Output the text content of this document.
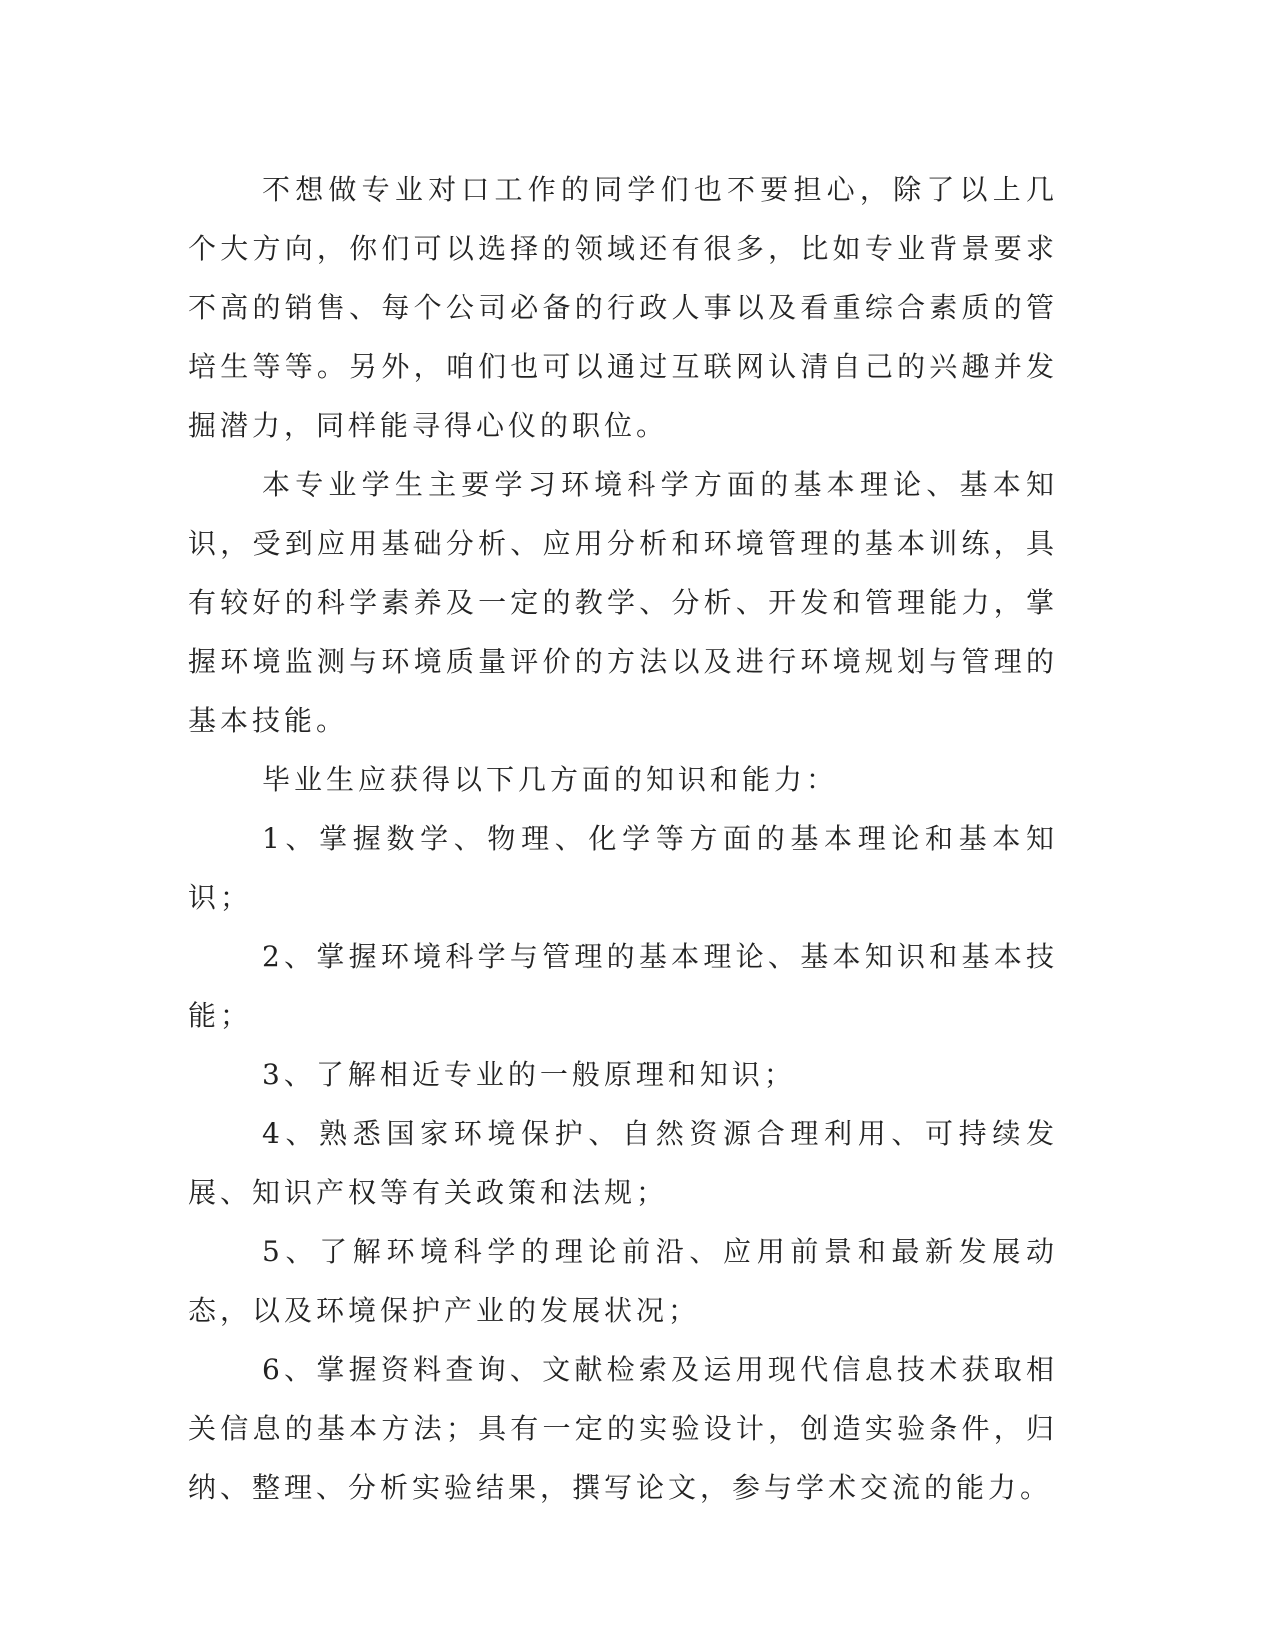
不想做专业对口工作的同学们也不要担心，除了以上几个大方向，你们可以选择的领域还有很多，比如专业背景要求不高的销售、每个公司必备的行政人事以及看重综合素质的管培生等等。另外，咱们也可以通过互联网认清自己的兴趣并发掘潜力，同样能寻得心仪的职位。

本专业学生主要学习环境科学方面的基本理论、基本知识，受到应用基础分析、应用分析和环境管理的基本训练，具有较好的科学素养及一定的教学、分析、开发和管理能力，掌握环境监测与环境质量评价的方法以及进行环境规划与管理的基本技能。

毕业生应获得以下几方面的知识和能力：

1、掌握数学、物理、化学等方面的基本理论和基本知识；

2、掌握环境科学与管理的基本理论、基本知识和基本技能；

3、了解相近专业的一般原理和知识；

4、熟悉国家环境保护、自然资源合理利用、可持续发展、知识产权等有关政策和法规；

5、了解环境科学的理论前沿、应用前景和最新发展动态，以及环境保护产业的发展状况；

6、掌握资料查询、文献检索及运用现代信息技术获取相关信息的基本方法；具有一定的实验设计，创造实验条件，归纳、整理、分析实验结果，撰写论文，参与学术交流的能力。
